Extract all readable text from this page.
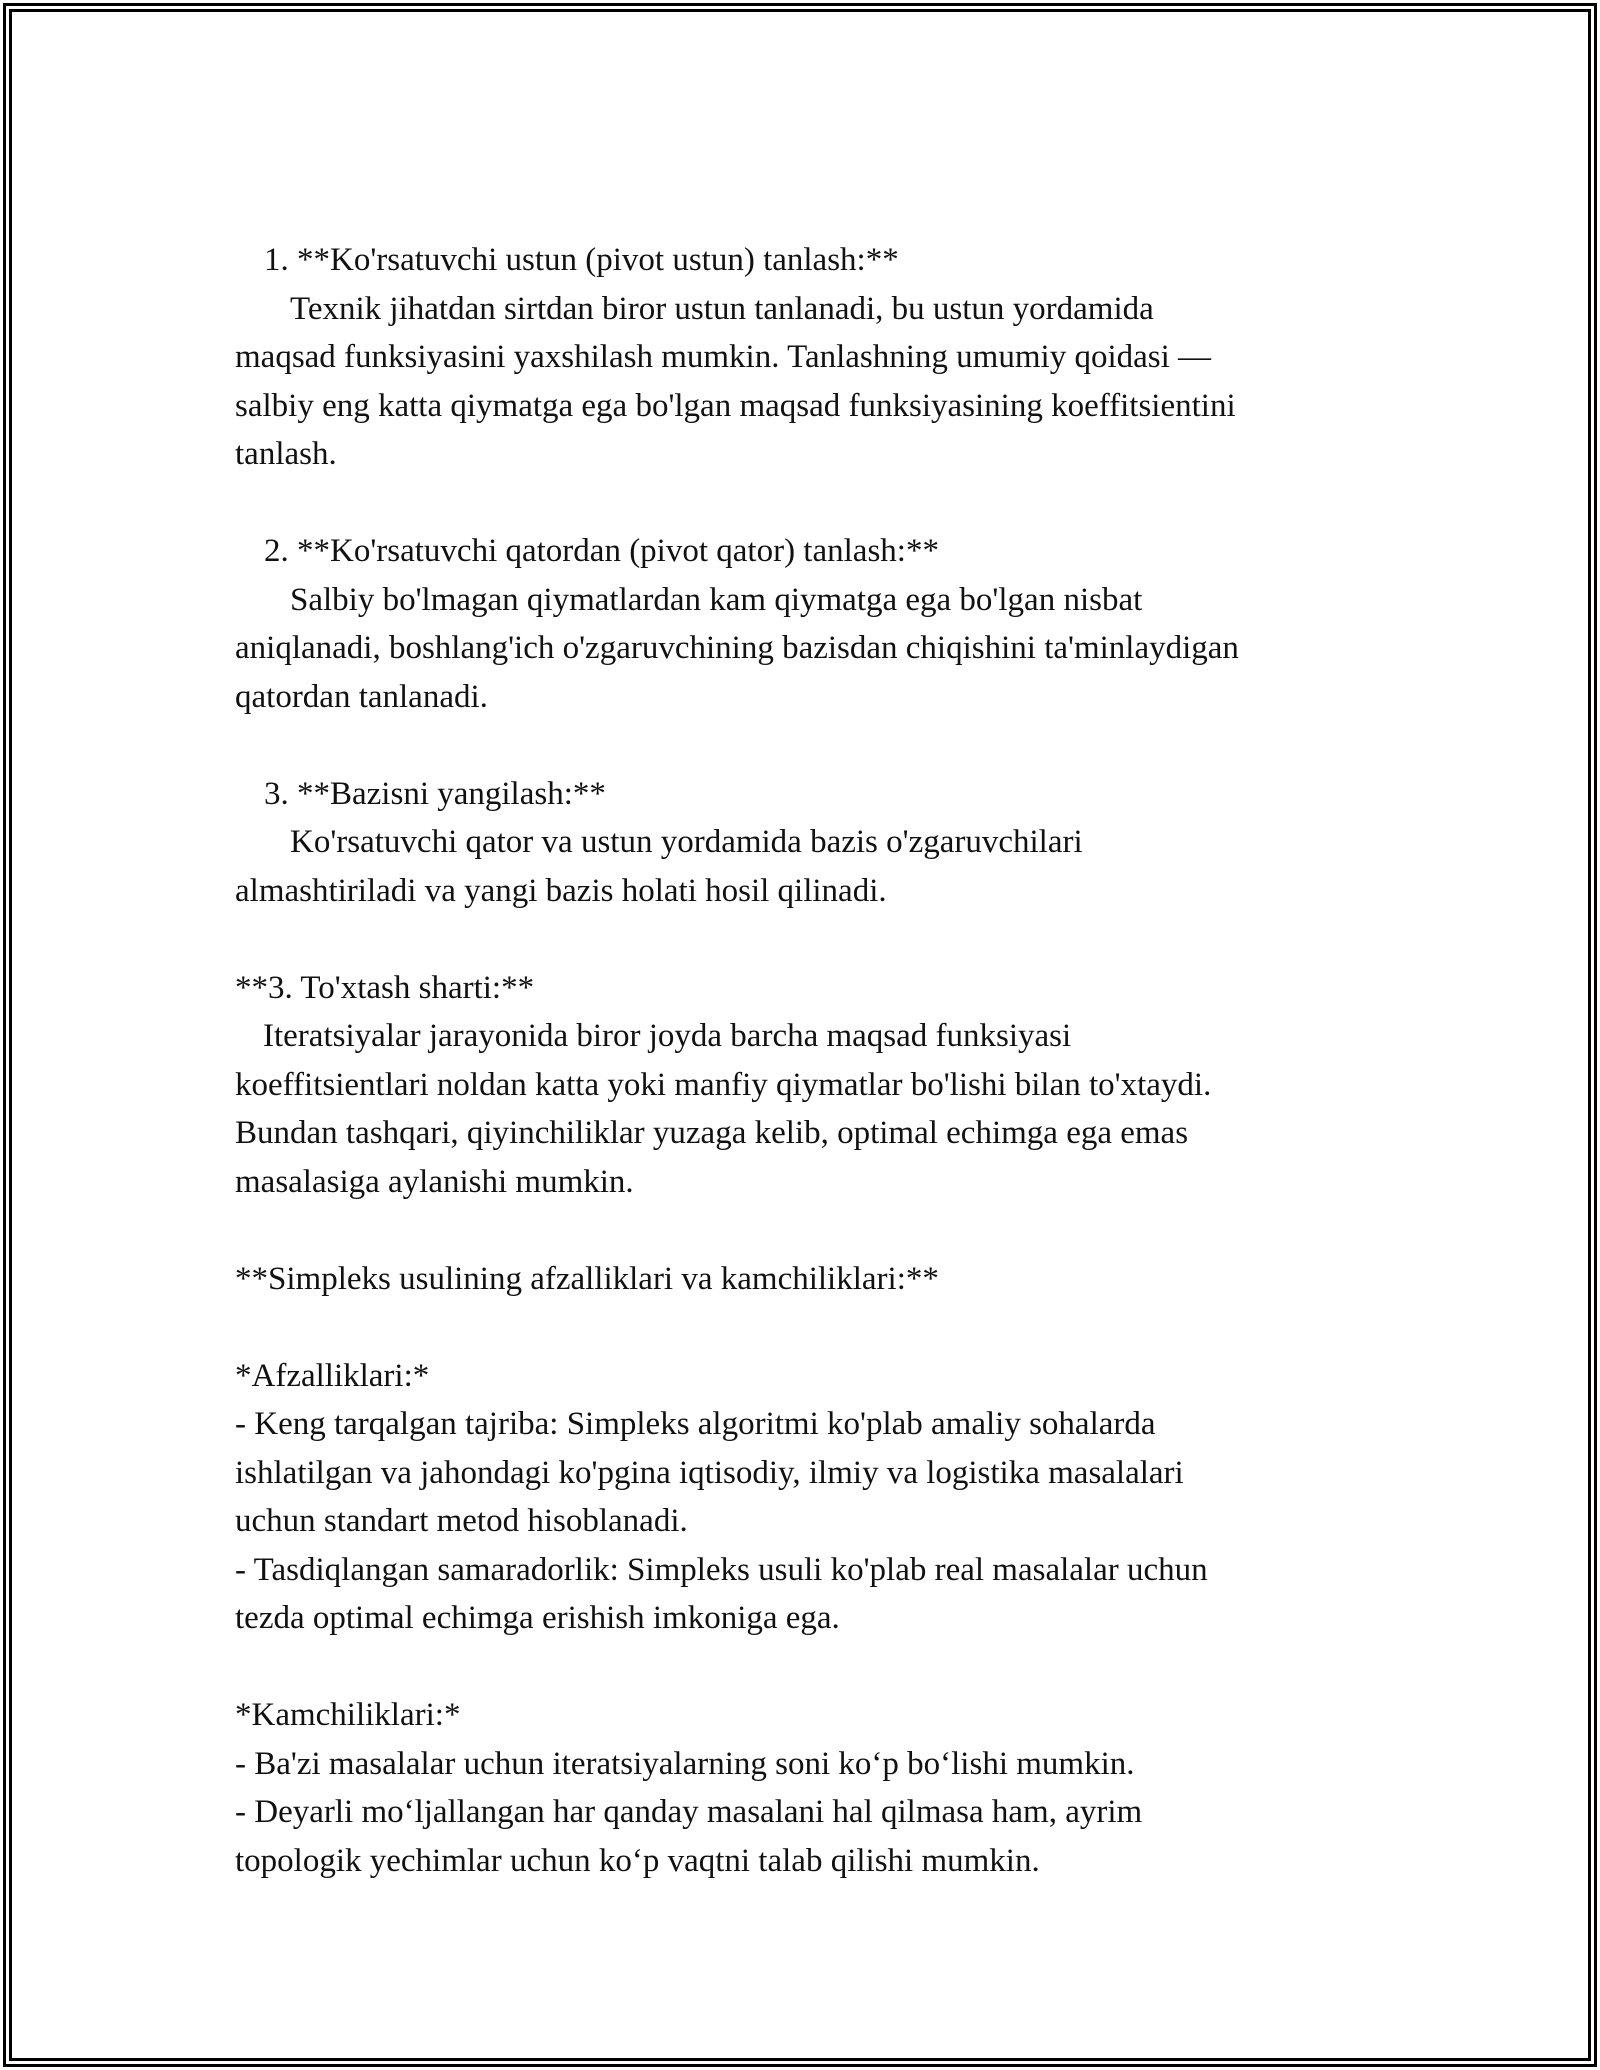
1. **Ko'rsatuvchi ustun (pivot ustun) tanlash:**
Texnik jihatdan sirtdan biror ustun tanlanadi, bu ustun yordamida
maqsad funksiyasini yaxshilash mumkin. Tanlashning umumiy qoidasi —
salbiy eng katta qiymatga ega bo'lgan maqsad funksiyasining koeffitsientini
tanlash.
2. **Ko'rsatuvchi qatordan (pivot qator) tanlash:**
Salbiy bo'lmagan qiymatlardan kam qiymatga ega bo'lgan nisbat
aniqlanadi, boshlang'ich o'zgaruvchining bazisdan chiqishini ta'minlaydigan
qatordan tanlanadi.
3. **Bazisni yangilash:**
Ko'rsatuvchi qator va ustun yordamida bazis o'zgaruvchilari
almashtiriladi va yangi bazis holati hosil qilinadi.
**3. To'xtash sharti:**
Iteratsiyalar jarayonida biror joyda barcha maqsad funksiyasi
koeffitsientlari noldan katta yoki manfiy qiymatlar bo'lishi bilan to'xtaydi.
Bundan tashqari, qiyinchiliklar yuzaga kelib, optimal echimga ega emas
masalasiga aylanishi mumkin.
**Simpleks usulining afzalliklari va kamchiliklari:**
*Afzalliklari:*
- Keng tarqalgan tajriba: Simpleks algoritmi ko'plab amaliy sohalarda
ishlatilgan va jahondagi ko'pgina iqtisodiy, ilmiy va logistika masalalari
uchun standart metod hisoblanadi.
- Tasdiqlangan samaradorlik: Simpleks usuli ko'plab real masalalar uchun
tezda optimal echimga erishish imkoniga ega.
*Kamchiliklari:*
- Ba'zi masalalar uchun iteratsiyalarning soni koʻp boʻlishi mumkin.
- Deyarli moʻljallangan har qanday masalani hal qilmasa ham, ayrim
topologik yechimlar uchun koʻp vaqtni talab qilishi mumkin.
